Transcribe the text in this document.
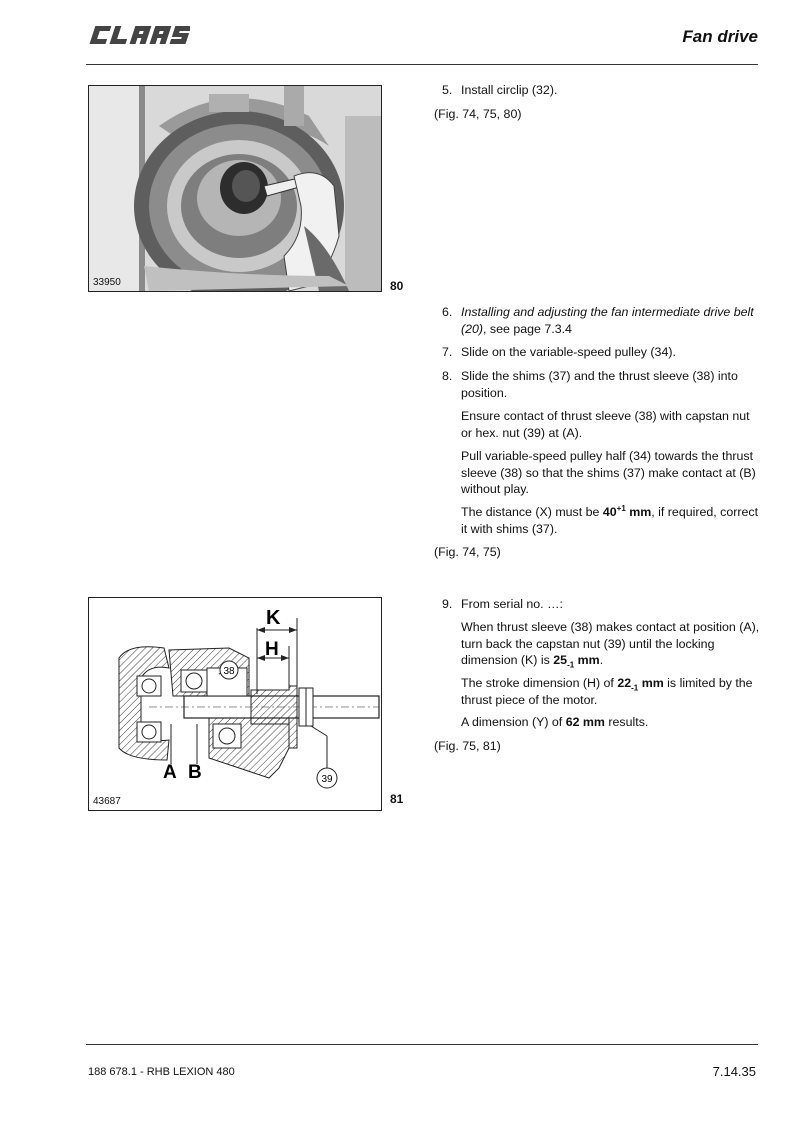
Fan drive
33950	80
K
H
A B
38
39
43687	81
5. Install circlip (32).
(Fig. 74, 75, 80)
6. Installing and adjusting the fan intermediate drive belt (20), see page 7.3.4
7. Slide on the variable-speed pulley (34).
8. Slide the shims (37) and the thrust sleeve (38) into position.
Ensure contact of thrust sleeve (38) with capstan nut or hex. nut (39) at (A).
Pull variable-speed pulley half (34) towards the thrust sleeve (38) so that the shims (37) make contact at (B) without play.
The distance (X) must be $40^{+1}$ mm, if required, correct it with shims (37).
(Fig. 74, 75)
9. From serial no. …:
When thrust sleeve (38) makes contact at position (A), turn back the capstan nut (39) until the locking dimension (K) is $25_{-1}$ mm.
The stroke dimension (H) of $22_{-1}$ mm is limited by the thrust piece of the motor.
A dimension (Y) of 62 mm results.
(Fig. 75, 81)
188 678.1 - RHB LEXION 480	7.14.35
